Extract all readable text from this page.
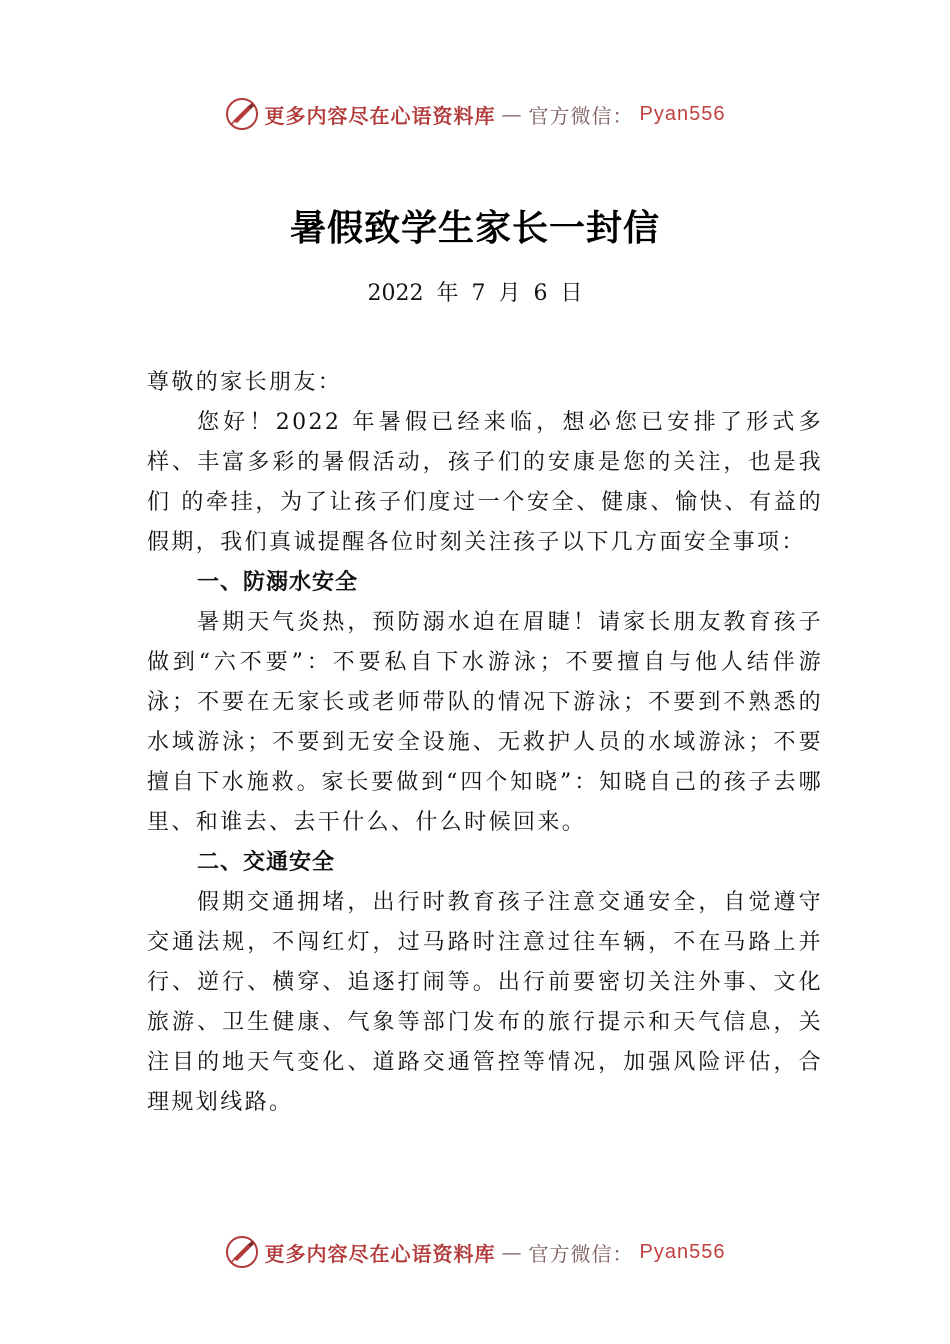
更多内容尽在心语资料库 — 官方微信： Pyan556
暑假致学生家长一封信
2022 年 7 月 6 日

尊敬的家长朋友：

您好！2022 年暑假已经来临，想必您已安排了形式多样、丰富多彩的暑假活动，孩子们的安康是您的关注，也是我们 的牵挂，为了让孩子们度过一个安全、健康、愉快、有益的 假期，我们真诚提醒各位时刻关注孩子以下几方面安全事项：

一、防溺水安全

暑期天气炎热，预防溺水迫在眉睫！请家长朋友教育孩子做到“六不要”：不要私自下水游泳；不要擅自与他人结伴游泳；不要在无家长或老师带队的情况下游泳；不要到不熟悉的水域游泳；不要到无安全设施、无救护人员的水域游泳；不要擅自下水施救。家长要做到“四个知晓”：知晓自己的孩子去哪里、和谁去、去干什么、什么时候回来。

二、交通安全

假期交通拥堵，出行时教育孩子注意交通安全，自觉遵守交通法规，不闯红灯，过马路时注意过往车辆，不在马路上并行、逆行、横穿、追逐打闹等。出行前要密切关注外事、文化旅游、卫生健康、气象等部门发布的旅行提示和天气信息，关注目的地天气变化、道路交通管控等情况，加强风险评估，合理规划线路。

更多内容尽在心语资料库 — 官方微信： Pyan556
